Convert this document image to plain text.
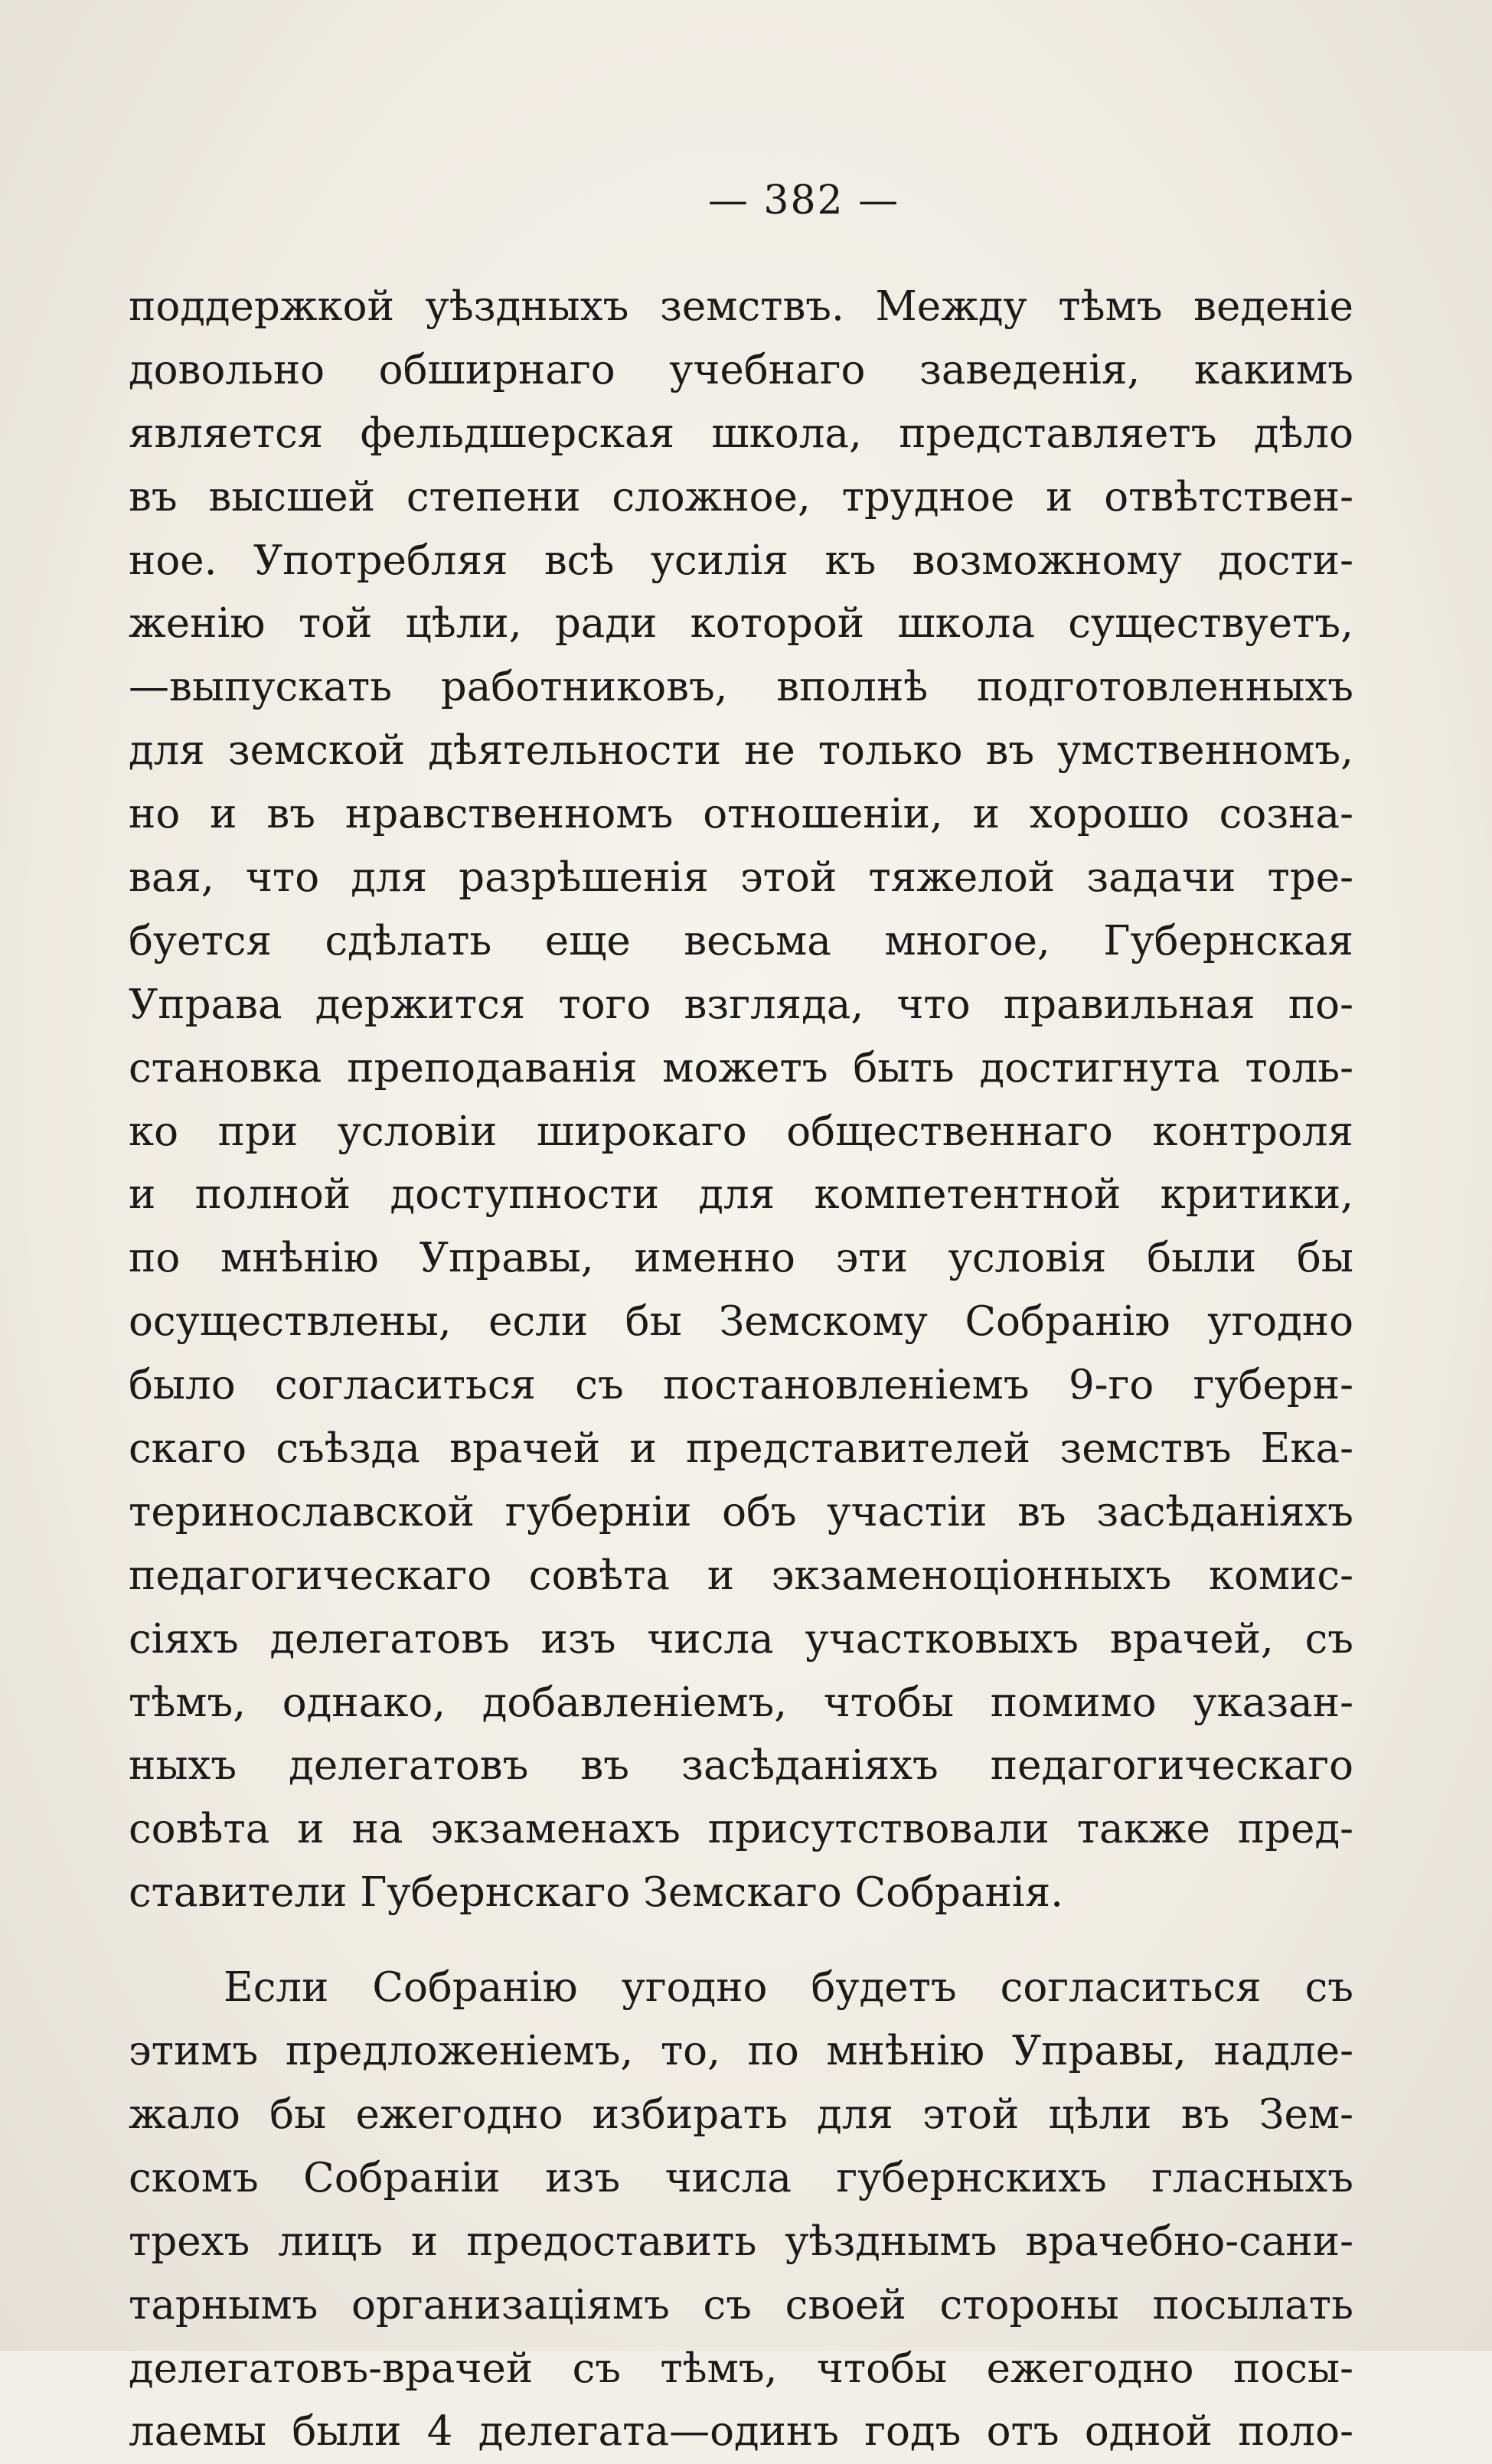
— 382 —
поддержкой уѣздныхъ земствъ. Между тѣмъ веденіе
довольно обширнаго учебнаго заведенія, какимъ
является фельдшерская школа, представляетъ дѣло
въ высшей степени сложное, трудное и отвѣтствен-
ное. Употребляя всѣ усилія къ возможному дости-
женію той цѣли, ради которой школа существуетъ,
—выпускать работниковъ, вполнѣ подготовленныхъ
для земской дѣятельности не только въ умственномъ,
но и въ нравственномъ отношеніи, и хорошо созна-
вая, что для разрѣшенія этой тяжелой задачи тре-
буется сдѣлать еще весьма многое, Губернская
Управа держится того взгляда, что правильная по-
становка преподаванія можетъ быть достигнута толь-
ко при условіи широкаго общественнаго контроля
и полной доступности для компетентной критики,
по мнѣнію Управы, именно эти условія были бы
осуществлены, если бы Земскому Собранію угодно
было согласиться съ постановленіемъ 9-го губерн-
скаго съѣзда врачей и представителей земствъ Ека-
теринославской губерніи объ участіи въ засѣданіяхъ
педагогическаго совѣта и экзаменоціонныхъ комис-
сіяхъ делегатовъ изъ числа участковыхъ врачей, съ
тѣмъ, однако, добавленіемъ, чтобы помимо указан-
ныхъ делегатовъ въ засѣданіяхъ педагогическаго
совѣта и на экзаменахъ присутствовали также пред-
ставители Губернскаго Земскаго Собранія.
Если Собранію угодно будетъ согласиться съ
этимъ предложеніемъ, то, по мнѣнію Управы, надле-
жало бы ежегодно избирать для этой цѣли въ Зем-
скомъ Собраніи изъ числа губернскихъ гласныхъ
трехъ лицъ и предоставить уѣзднымъ врачебно-сани-
тарнымъ организаціямъ съ своей стороны посылать
делегатовъ-врачей съ тѣмъ, чтобы ежегодно посы-
лаемы были 4 делегата—одинъ годъ отъ одной поло-
